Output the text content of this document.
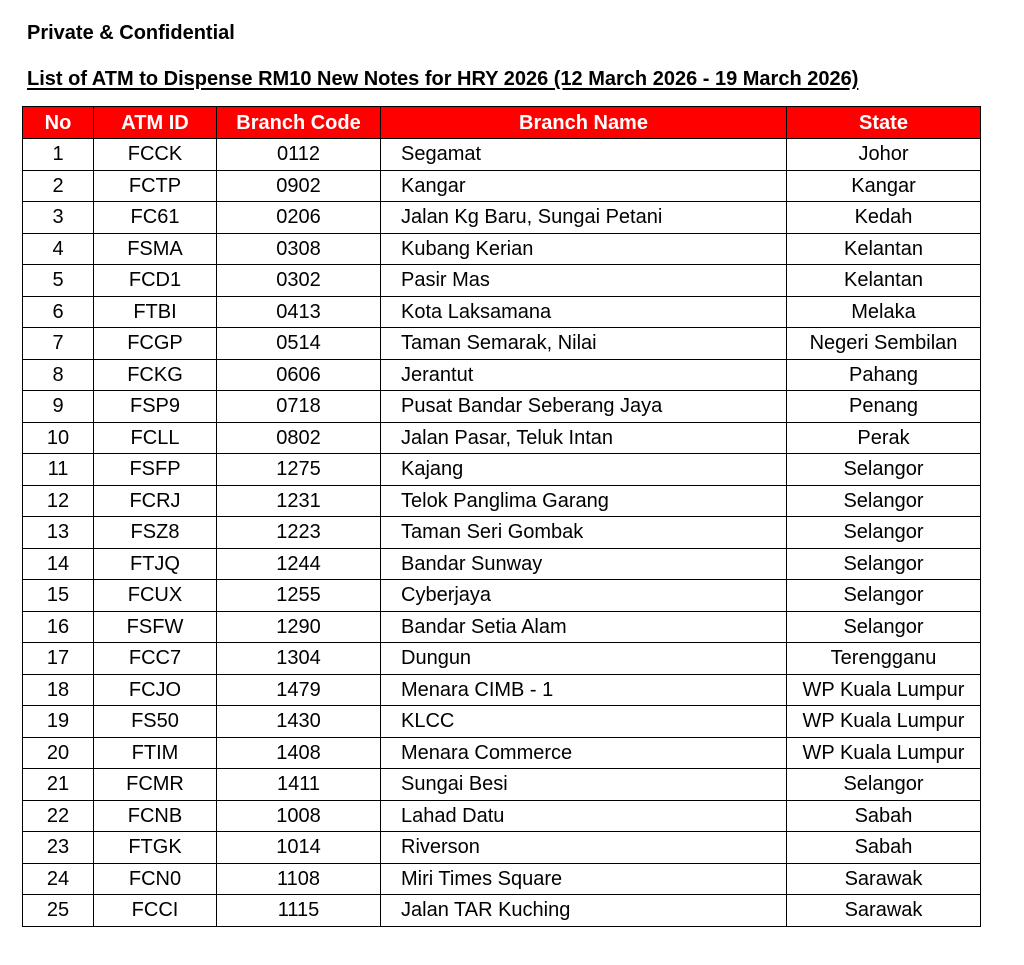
Private & Confidential
List of ATM to Dispense RM10 New Notes for HRY 2026 (12 March 2026 - 19 March 2026)
No	ATM ID	Branch Code	Branch Name	State
1	FCCK	0112	Segamat	Johor
2	FCTP	0902	Kangar	Kangar
3	FC61	0206	Jalan Kg Baru, Sungai Petani	Kedah
4	FSMA	0308	Kubang Kerian	Kelantan
5	FCD1	0302	Pasir Mas	Kelantan
6	FTBI	0413	Kota Laksamana	Melaka
7	FCGP	0514	Taman Semarak, Nilai	Negeri Sembilan
8	FCKG	0606	Jerantut	Pahang
9	FSP9	0718	Pusat Bandar Seberang Jaya	Penang
10	FCLL	0802	Jalan Pasar, Teluk Intan	Perak
11	FSFP	1275	Kajang	Selangor
12	FCRJ	1231	Telok Panglima Garang	Selangor
13	FSZ8	1223	Taman Seri Gombak	Selangor
14	FTJQ	1244	Bandar Sunway	Selangor
15	FCUX	1255	Cyberjaya	Selangor
16	FSFW	1290	Bandar Setia Alam	Selangor
17	FCC7	1304	Dungun	Terengganu
18	FCJO	1479	Menara CIMB - 1	WP Kuala Lumpur
19	FS50	1430	KLCC	WP Kuala Lumpur
20	FTIM	1408	Menara Commerce	WP Kuala Lumpur
21	FCMR	1411	Sungai Besi	Selangor
22	FCNB	1008	Lahad Datu	Sabah
23	FTGK	1014	Riverson	Sabah
24	FCN0	1108	Miri Times Square	Sarawak
25	FCCI	1115	Jalan TAR Kuching	Sarawak
